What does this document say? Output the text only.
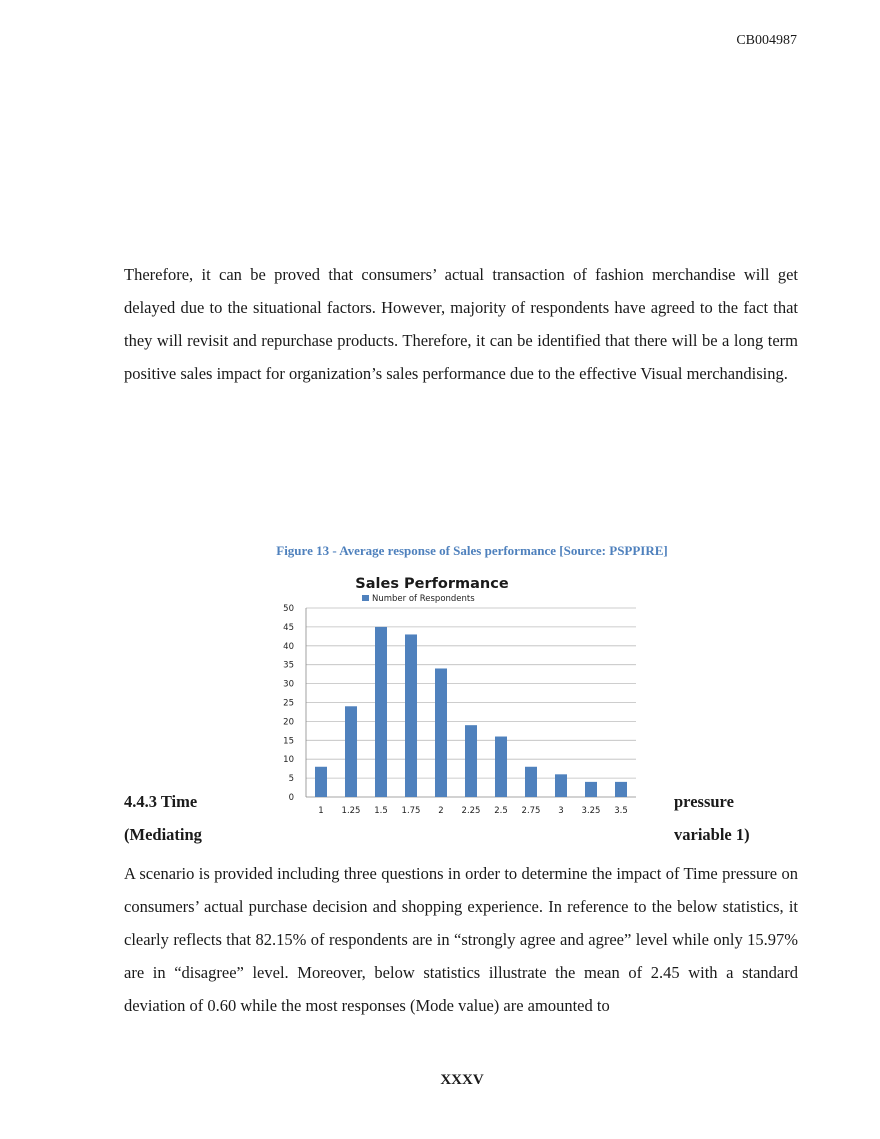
CB004987

Therefore, it can be proved that consumers’ actual transaction of fashion merchandise will get delayed due to the situational factors. However, majority of respondents have agreed to the fact that they will revisit and repurchase products. Therefore, it can be identified that there will be a long term positive sales impact for organization’s sales performance due to the effective Visual merchandising.

Figure 13 - Average response of Sales performance [Source: PSPPIRE]
Sales Performance
Number of Respondents
0
5
10
15
20
25
30
35
40
45
50
1 1.25 1.5 1.75 2 2.25 2.5 2.75 3 3.25 3.5
4.4.3 Time	pressure
(Mediating	variable 1)

A scenario is provided including three questions in order to determine the impact of Time pressure on consumers’ actual purchase decision and shopping experience. In reference to the below statistics, it clearly reflects that 82.15% of respondents are in “strongly agree and agree” level while only 15.97% are in “disagree” level. Moreover, below statistics illustrate the mean of 2.45 with a standard deviation of 0.60 while the most responses (Mode value) are amounted to

XXXV
